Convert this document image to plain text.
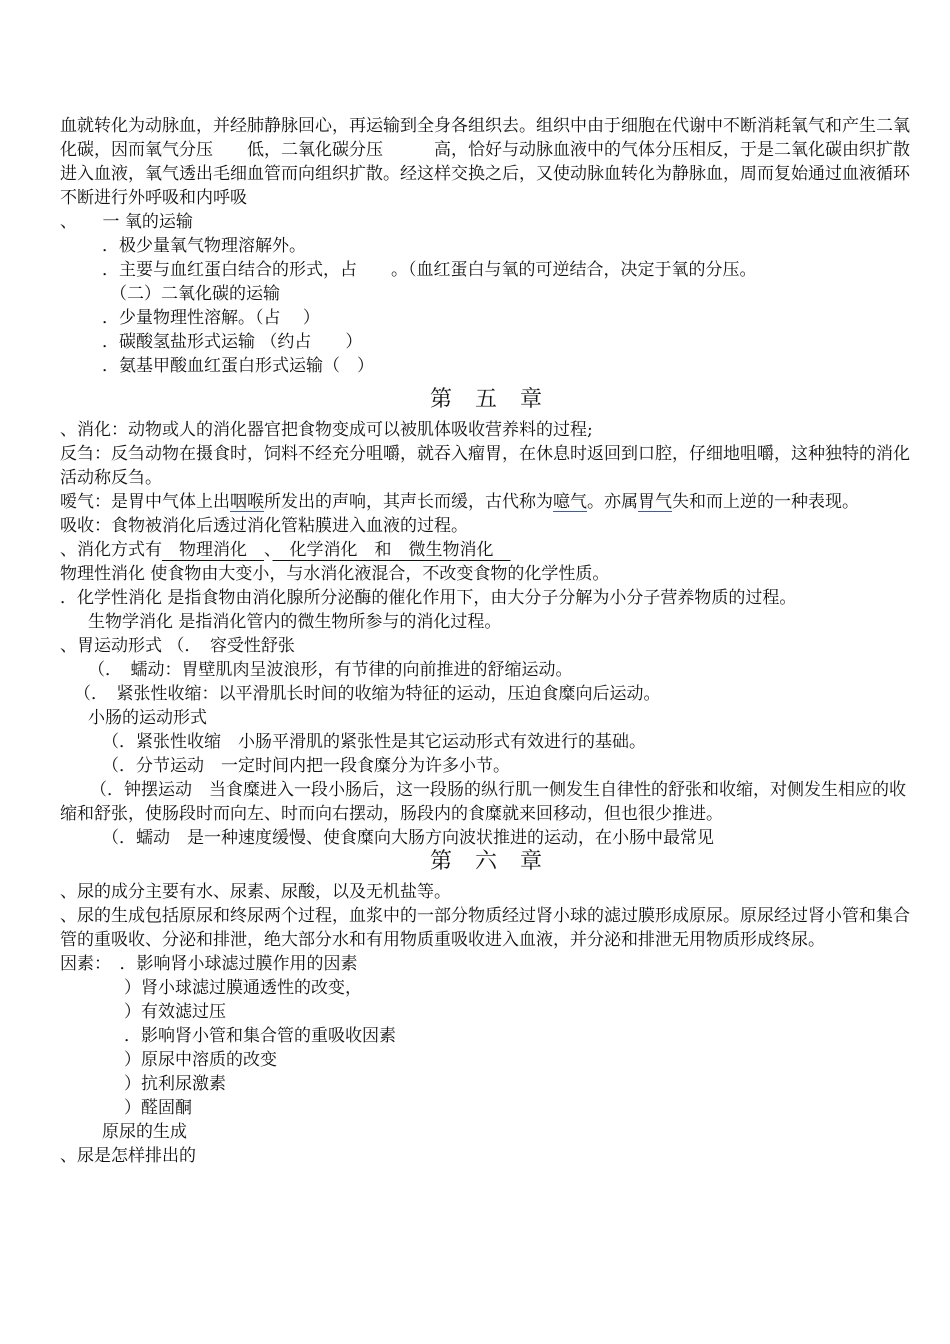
血就转化为动脉血，并经肺静脉回心，再运输到全身各组织去。组织中由于细胞在代谢中不断消耗氧气和产生二氧化碳，因而氧气分压　　低，二氧化碳分压　　　高，恰好与动脉血液中的气体分压相反，于是二氧化碳由织扩散进入血液，氧气透出毛细血管而向组织扩散。经这样交换之后，又使动脉血转化为静脉血，周而复始通过血液循环不断进行外呼吸和内呼吸
、　　一 氧的运输
．极少量氧气物理溶解外。
．主要与血红蛋白结合的形式，占　　。（血红蛋白与氧的可逆结合，决定于氧的分压。
（二）二氧化碳的运输
．少量物理性溶解。（占　 ）
．碳酸氢盐形式运输 （约占　　）
．氨基甲酸血红蛋白形式运输（　）
第 五 章
、消化：动物或人的消化器官把食物变成可以被肌体吸收营养料的过程;
反刍：反刍动物在摄食时，饲料不经充分咀嚼，就吞入瘤胃，在休息时返回到口腔，仔细地咀嚼，这种独特的消化活动称反刍。
嗳气：是胃中气体上出咽喉所发出的声响，其声长而缓，古代称为噫气。亦属胃气失和而上逆的一种表现。
吸收：食物被消化后透过消化管粘膜进入血液的过程。
、消化方式有　物理消化　、　化学消化　和　微生物消化　
物理性消化 使食物由大变小，与水消化液混合，不改变食物的化学性质。
．化学性消化 是指食物由消化腺所分泌酶的催化作用下，由大分子分解为小分子营养物质的过程。
生物学消化 是指消化管内的微生物所参与的消化过程。
、胃运动形式 （．　容受性舒张
（．　蠕动：胃壁肌肉呈波浪形，有节律的向前推进的舒缩运动。
（．　紧张性收缩：以平滑肌长时间的收缩为特征的运动，压迫食糜向后运动。
小肠的运动形式
（．紧张性收缩　小肠平滑肌的紧张性是其它运动形式有效进行的基础。
（．分节运动　一定时间内把一段食糜分为许多小节。
（．钟摆运动　当食糜进入一段小肠后，这一段肠的纵行肌一侧发生自律性的舒张和收缩，对侧发生相应的收缩和舒张，使肠段时而向左、时而向右摆动，肠段内的食糜就来回移动，但也很少推进。
（．蠕动　是一种速度缓慢、使食糜向大肠方向波状推进的运动，在小肠中最常见
第 六 章
、尿的成分主要有水、尿素、尿酸，以及无机盐等。
、尿的生成包括原尿和终尿两个过程，血浆中的一部分物质经过肾小球的滤过膜形成原尿。原尿经过肾小管和集合管的重吸收、分泌和排泄，绝大部分水和有用物质重吸收进入血液，并分泌和排泄无用物质形成终尿。
因素：　．影响肾小球滤过膜作用的因素
）肾小球滤过膜通透性的改变，
）有效滤过压
．影响肾小管和集合管的重吸收因素
）原尿中溶质的改变
）抗利尿激素
）醛固酮
原尿的生成
、尿是怎样排出的
